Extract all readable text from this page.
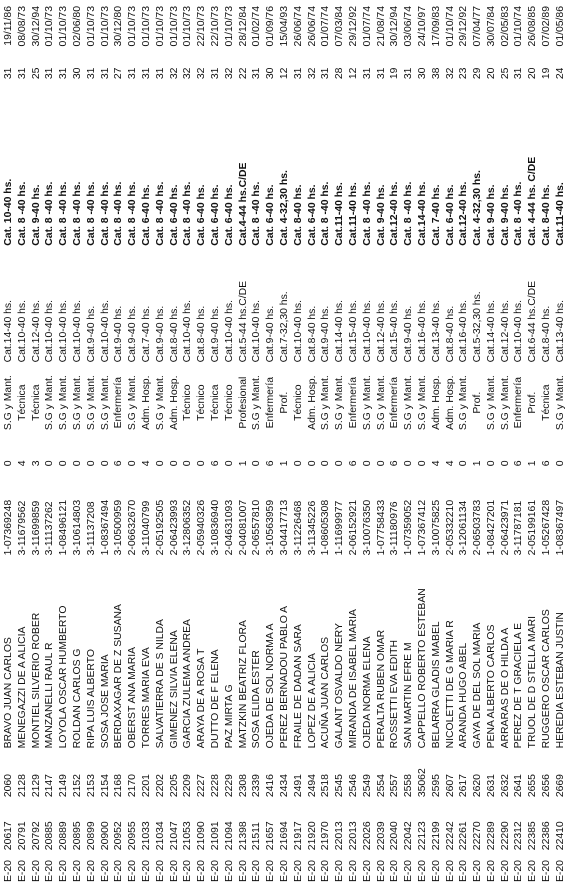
E-20	20617	2060	BRAVO JUAN CARLOS	1-07369248	0	S.G y Mant.	Cat.14-40 hs.	Cat. 10-40 hs.	31	19/11/86
E-20	20791	2128	MENEGAZZI DE A ALICIA	3-11679562	4	Técnica	Cat.10-40 hs.	Cat. 8 -40 hs.	31	08/08/73
E-20	20792	2129	MONTIEL SILVERIO ROBER	3-11699859	3	Técnica	Cat.12-40 hs.	Cat. 9-40 hs.	25	30/12/94
E-20	20885	2147	MANZANELLI RAUL R	3-11137262	0	S.G y Mant.	Cat.10-40 hs.	Cat. 8 -40 hs.	31	01/10/73
E-20	20889	2149	LOYOLA OSCAR HUMBERTO	1-08496121	0	S.G y Mant.	Cat.10-40 hs.	Cat. 8 -40 hs.	31	01/10/73
E-20	20895	2152	ROLDAN CARLOS G	3-10614803	0	S.G y Mant.	Cat.10-40 hs.	Cat. 8 -40 hs.	30	02/06/80
E-20	20899	2153	RIPA LUIS ALBERTO	3-11137208	0	S.G y Mant.	Cat.9-40 hs.	Cat. 8 -40 hs.	31	01/10/73
E-20	20900	2154	SOSA JOSE MARIA	1-08367494	0	S.G y Mant.	Cat.10-40 hs.	Cat. 8 -40 hs.	31	01/10/73
E-20	20952	2168	BERDAXAGAR DE Z SUSANA	3-10500959	6	Enfermería	Cat.9-40 hs.	Cat. 8 -40 hs.	27	30/12/80
E-20	20955	2170	OBERST ANA MARIA	2-06632670	0	S.G y Mant.	Cat.9-40 hs.	Cat. 8 -40 hs.	31	01/10/73
E-20	21033	2201	TORRES MARIA EVA	3-11040799	4	Adm. Hosp.	Cat.7-40 hs.	Cat. 6-40 hs.	31	01/10/73
E-20	21034	2202	SALVATIERRA DE S NILDA	2-05192505	0	S.G y Mant.	Cat.9-40 hs.	Cat. 8 -40 hs.	31	01/10/73
E-20	21047	2205	GIMENEZ SILVIA ELENA	2-06423993	0	Adm. Hosp.	Cat.8-40 hs.	Cat. 6-40 hs.	32	01/10/73
E-20	21053	2209	GARCIA ZULEMA ANDREA	3-12806352	0	Técnico	Cat.10-40 hs.	Cat. 8 -40 hs.	32	01/10/73
E-20	21090	2227	ARAYA DE A ROSA T	2-05940326	0	Técnico	Cat.8-40 hs.	Cat. 6-40 hs.	32	22/10/73
E-20	21091	2228	DUTTO DE F ELENA	3-10836940	6	Técnica	Cat.9-40 hs.	Cat. 6-40 hs.	31	22/10/73
E-20	21094	2229	PAZ MIRTA G	2-04631093	0	Técnico	Cat.10-40 hs.	Cat. 6-40 hs.	32	01/10/73
E-20	21398	2308	MATZKIN BEATRIZ FLORA	2-04081007	1	Profesional	Cat.5-44 hs.C/DE	Cat.4-44 hs.C/DE	22	28/12/84
E-20	21511	2339	SOSA ELIDA ESTER	2-06557810	0	S.G y Mant.	Cat.10-40 hs.	Cat. 8 -40 hs.	31	01/02/74
E-20	21657	2416	OJEDA DE SOL NORMA A	3-10563959	6	Enfermería	Cat.9-40 hs.	Cat. 6-40 hs.	30	01/09/76
E-20	21694	2434	PEREZ BERNADOU PABLO A	3-04417713	1	Prof.	Cat.7-32,30 hs.	Cat. 4-32,30 hs.	12	15/04/93
E-20	21917	2491	FRAILE DE DADAN SARA	3-11226468	0	Técnico	Cat.10-40 hs.	Cat. 8-40 hs.	31	26/06/74
E-20	21920	2494	LOPEZ DE A ALICIA	3-11345226	0	Adm. Hosp.	Cat.8-40 hs.	Cat. 6-40 hs.	32	26/06/74
E-20	21970	2518	ACUÑA JUAN CARLOS	1-08605308	0	S.G y Mant.	Cat.9-40 hs.	Cat. 8 -40 hs.	31	01/07/74
E-20	22013	2545	GALANT OSVALDO NERY	1-11699977	0	S.G y Mant.	Cat.14-40 hs.	Cat.11-40 hs.	28	07/03/84
E-20	22013	2546	MIRANDA DE ISABEL MARIA	2-06152921	6	Enfermería	Cat.15-40 hs.	Cat.11-40 hs.	12	29/12/92
E-20	22026	2549	OJEDA NORMA ELENA	3-10076350	0	S.G y Mant.	Cat.10-40 hs.	Cat. 8 -40 hs.	31	01/07/74
E-20	22039	2554	PERALTA RUBEN OMAR	1-07758433	0	S.G y Mant.	Cat.12-40 hs.	Cat. 9-40 hs.	31	21/08/74
E-20	22040	2557	ROSSETTI EVA EDITH	3-11180976	6	Enfermería	Cat.15-40 hs.	Cat.12-40 hs.	19	30/12/94
E-20	22042	2558	SAN MARTIN EFRE M	1-07359052	0	S.G y Mant.	Cat.9-40 hs.	Cat. 8 -40 hs.	31	03/06/74
E-20	22123	35062	CAPPELLO ROBERTO ESTEBAN	1-07367412	0	S.G y Mant.	Cat.16-40 hs.	Cat.14-40 hs.	30	24/10/97
E-20	22199	2595	BELARRA GLADIS MABEL	3-10075825	4	Adm. Hosp.	Cat.13-40 hs.	Cat. 7-40 hs.	38	17/09/83
E-20	22242	2607	NICOLETTI DE G MARIA R	2-05332210	4	Adm. Hosp.	Cat.8-40 hs.	Cat. 6-40 hs.	32	01/10/74
E-20	22261	2617	ARANDA HUGO ABEL	3-12061134	0	S.G y Mant.	Cat.16-40 hs.	Cat.12-40 hs.	23	29/12/92
E-20	22270	2620	GAYA DE DEL SOL MARIA	2-06503783	1	Prof.	Cat.5-32,30 hs.	Cat. 4-32,30 hs.	29	07/04/77
E-20	22289	2631	PENA ALBERTO CARLOS	1-08427201	0	S.G y Mant.	Cat.14-40 hs.	Cat. 9-40 hs.	20	30/07/84
E-20	22290	2632	ARRARAS DE O HILDA A	2-06423971	0	S.G y Mant.	Cat.12-40 hs.	Cat. 9-40 hs.	25	02/05/83
E-20	22312	2641	PEREZ DE T GRACIELA E	3-11787181	6	Enfermería	Cat.10-40 hs.	Cat. 8 -40 hs.	31	01/10/74
E-20	22385	2655	TRUOL DE D STELLA MARI	2-05199161	1	Prof.	Cat.6-44 hs.C/DE	Cat. 4-44 hs. C/DE	20	26/08/85
E-20	22386	2656	RUGGERO OSCAR CARLOS	1-05267428	6	Técnica	Cat.8-40 hs.	Cat. 8-40 hs.	19	07/02/89
E-20	22410	2669	HEREDIA ESTEBAN JUSTIN	1-08367497	0	S.G y Mant.	Cat.13-40 hs.	Cat.11-40 hs.	24	01/05/86
